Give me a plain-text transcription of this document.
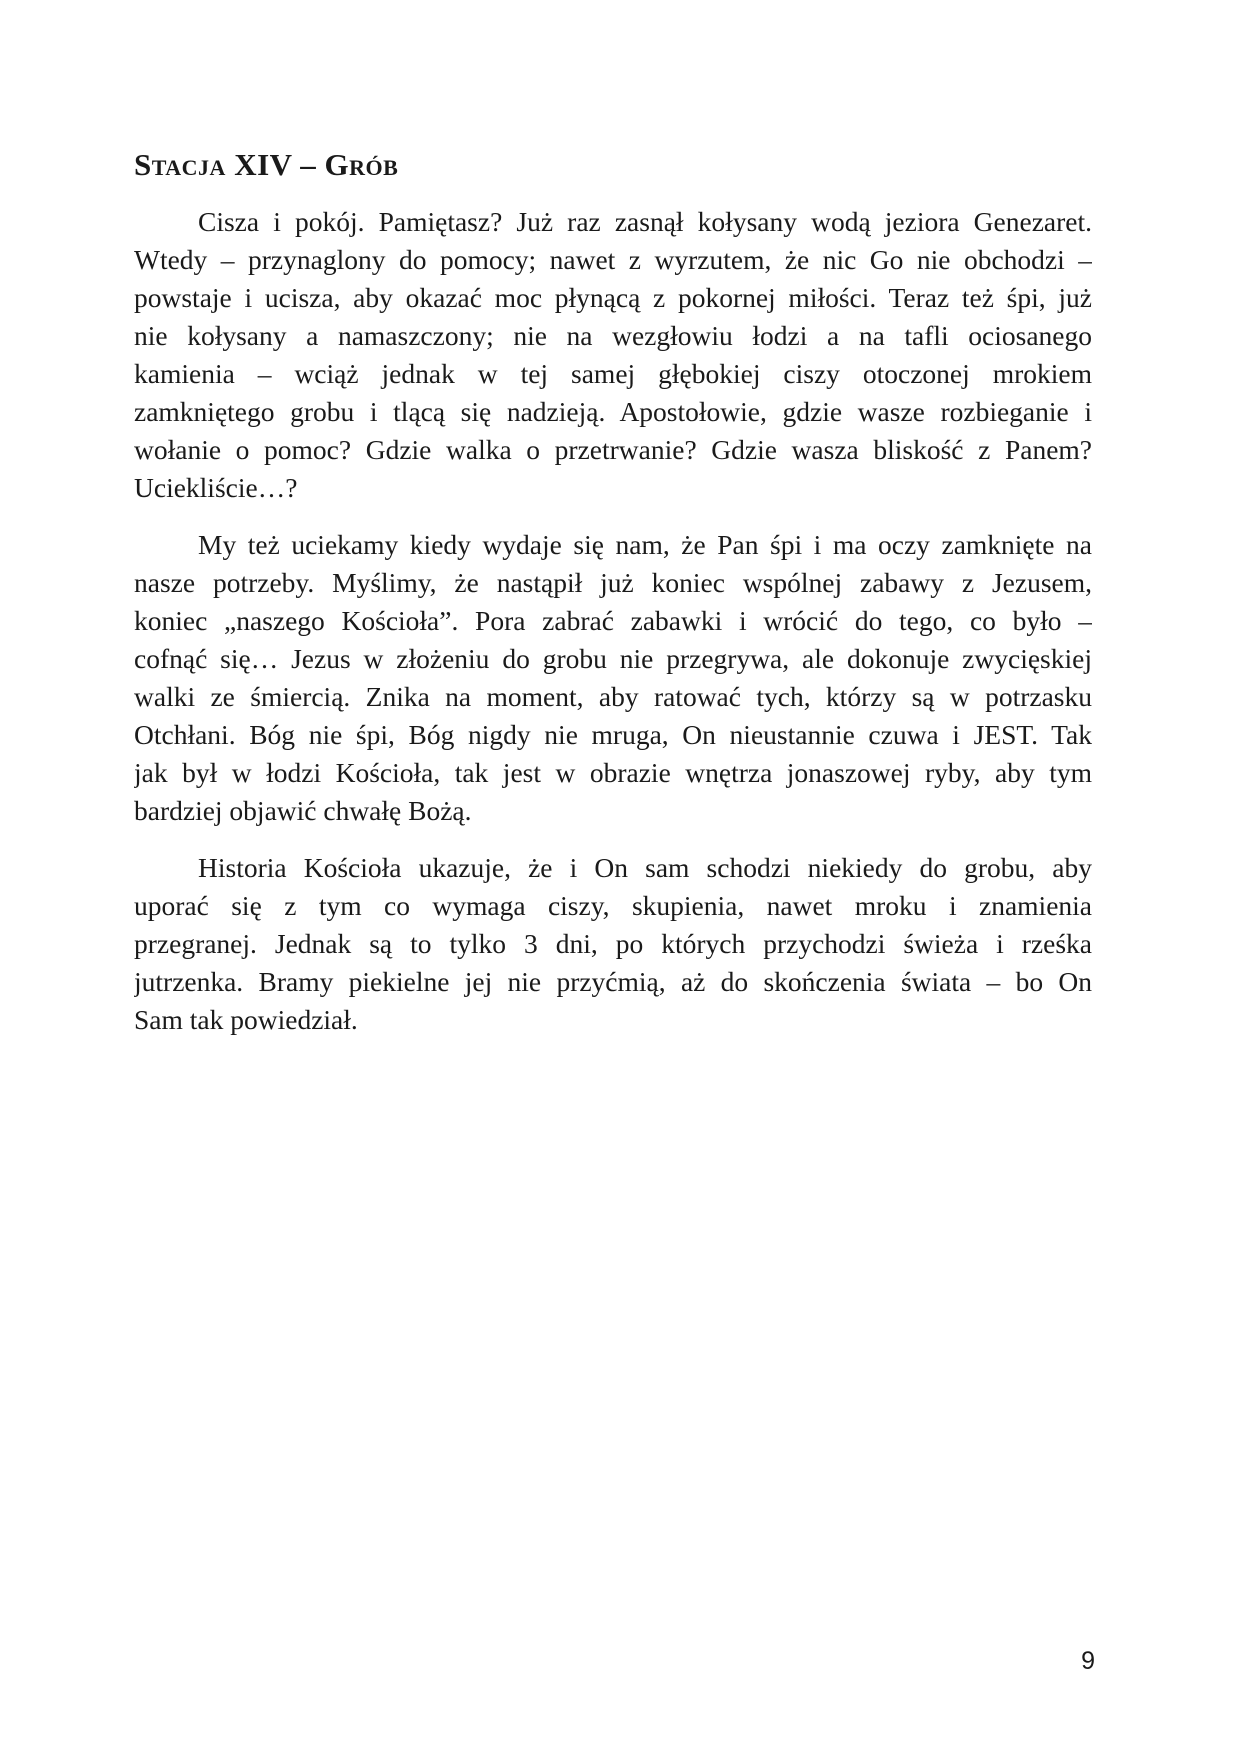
Stacja XIV – Grób
Cisza i pokój. Pamiętasz? Już raz zasnął kołysany wodą jeziora Genezaret.
Wtedy – przynaglony do pomocy; nawet z wyrzutem, że nic Go nie obchodzi –
powstaje i ucisza, aby okazać moc płynącą z pokornej miłości. Teraz też śpi, już
nie kołysany a namaszczony; nie na wezgłowiu łodzi a na tafli ociosanego
kamienia – wciąż jednak w tej samej głębokiej ciszy otoczonej mrokiem
zamkniętego grobu i tlącą się nadzieją. Apostołowie, gdzie wasze rozbieganie i
wołanie o pomoc? Gdzie walka o przetrwanie? Gdzie wasza bliskość z Panem?
Uciekliście…?
My też uciekamy kiedy wydaje się nam, że Pan śpi i ma oczy zamknięte na
nasze potrzeby. Myślimy, że nastąpił już koniec wspólnej zabawy z Jezusem,
koniec „naszego Kościoła”. Pora zabrać zabawki i wrócić do tego, co było –
cofnąć się… Jezus w złożeniu do grobu nie przegrywa, ale dokonuje zwycięskiej
walki ze śmiercią. Znika na moment, aby ratować tych, którzy są w potrzasku
Otchłani. Bóg nie śpi, Bóg nigdy nie mruga, On nieustannie czuwa i JEST. Tak
jak był w łodzi Kościoła, tak jest w obrazie wnętrza jonaszowej ryby, aby tym
bardziej objawić chwałę Bożą.
Historia Kościoła ukazuje, że i On sam schodzi niekiedy do grobu, aby
uporać się z tym co wymaga ciszy, skupienia, nawet mroku i znamienia
przegranej. Jednak są to tylko 3 dni, po których przychodzi świeża i rześka
jutrzenka. Bramy piekielne jej nie przyćmią, aż do skończenia świata – bo On
Sam tak powiedział.
9
